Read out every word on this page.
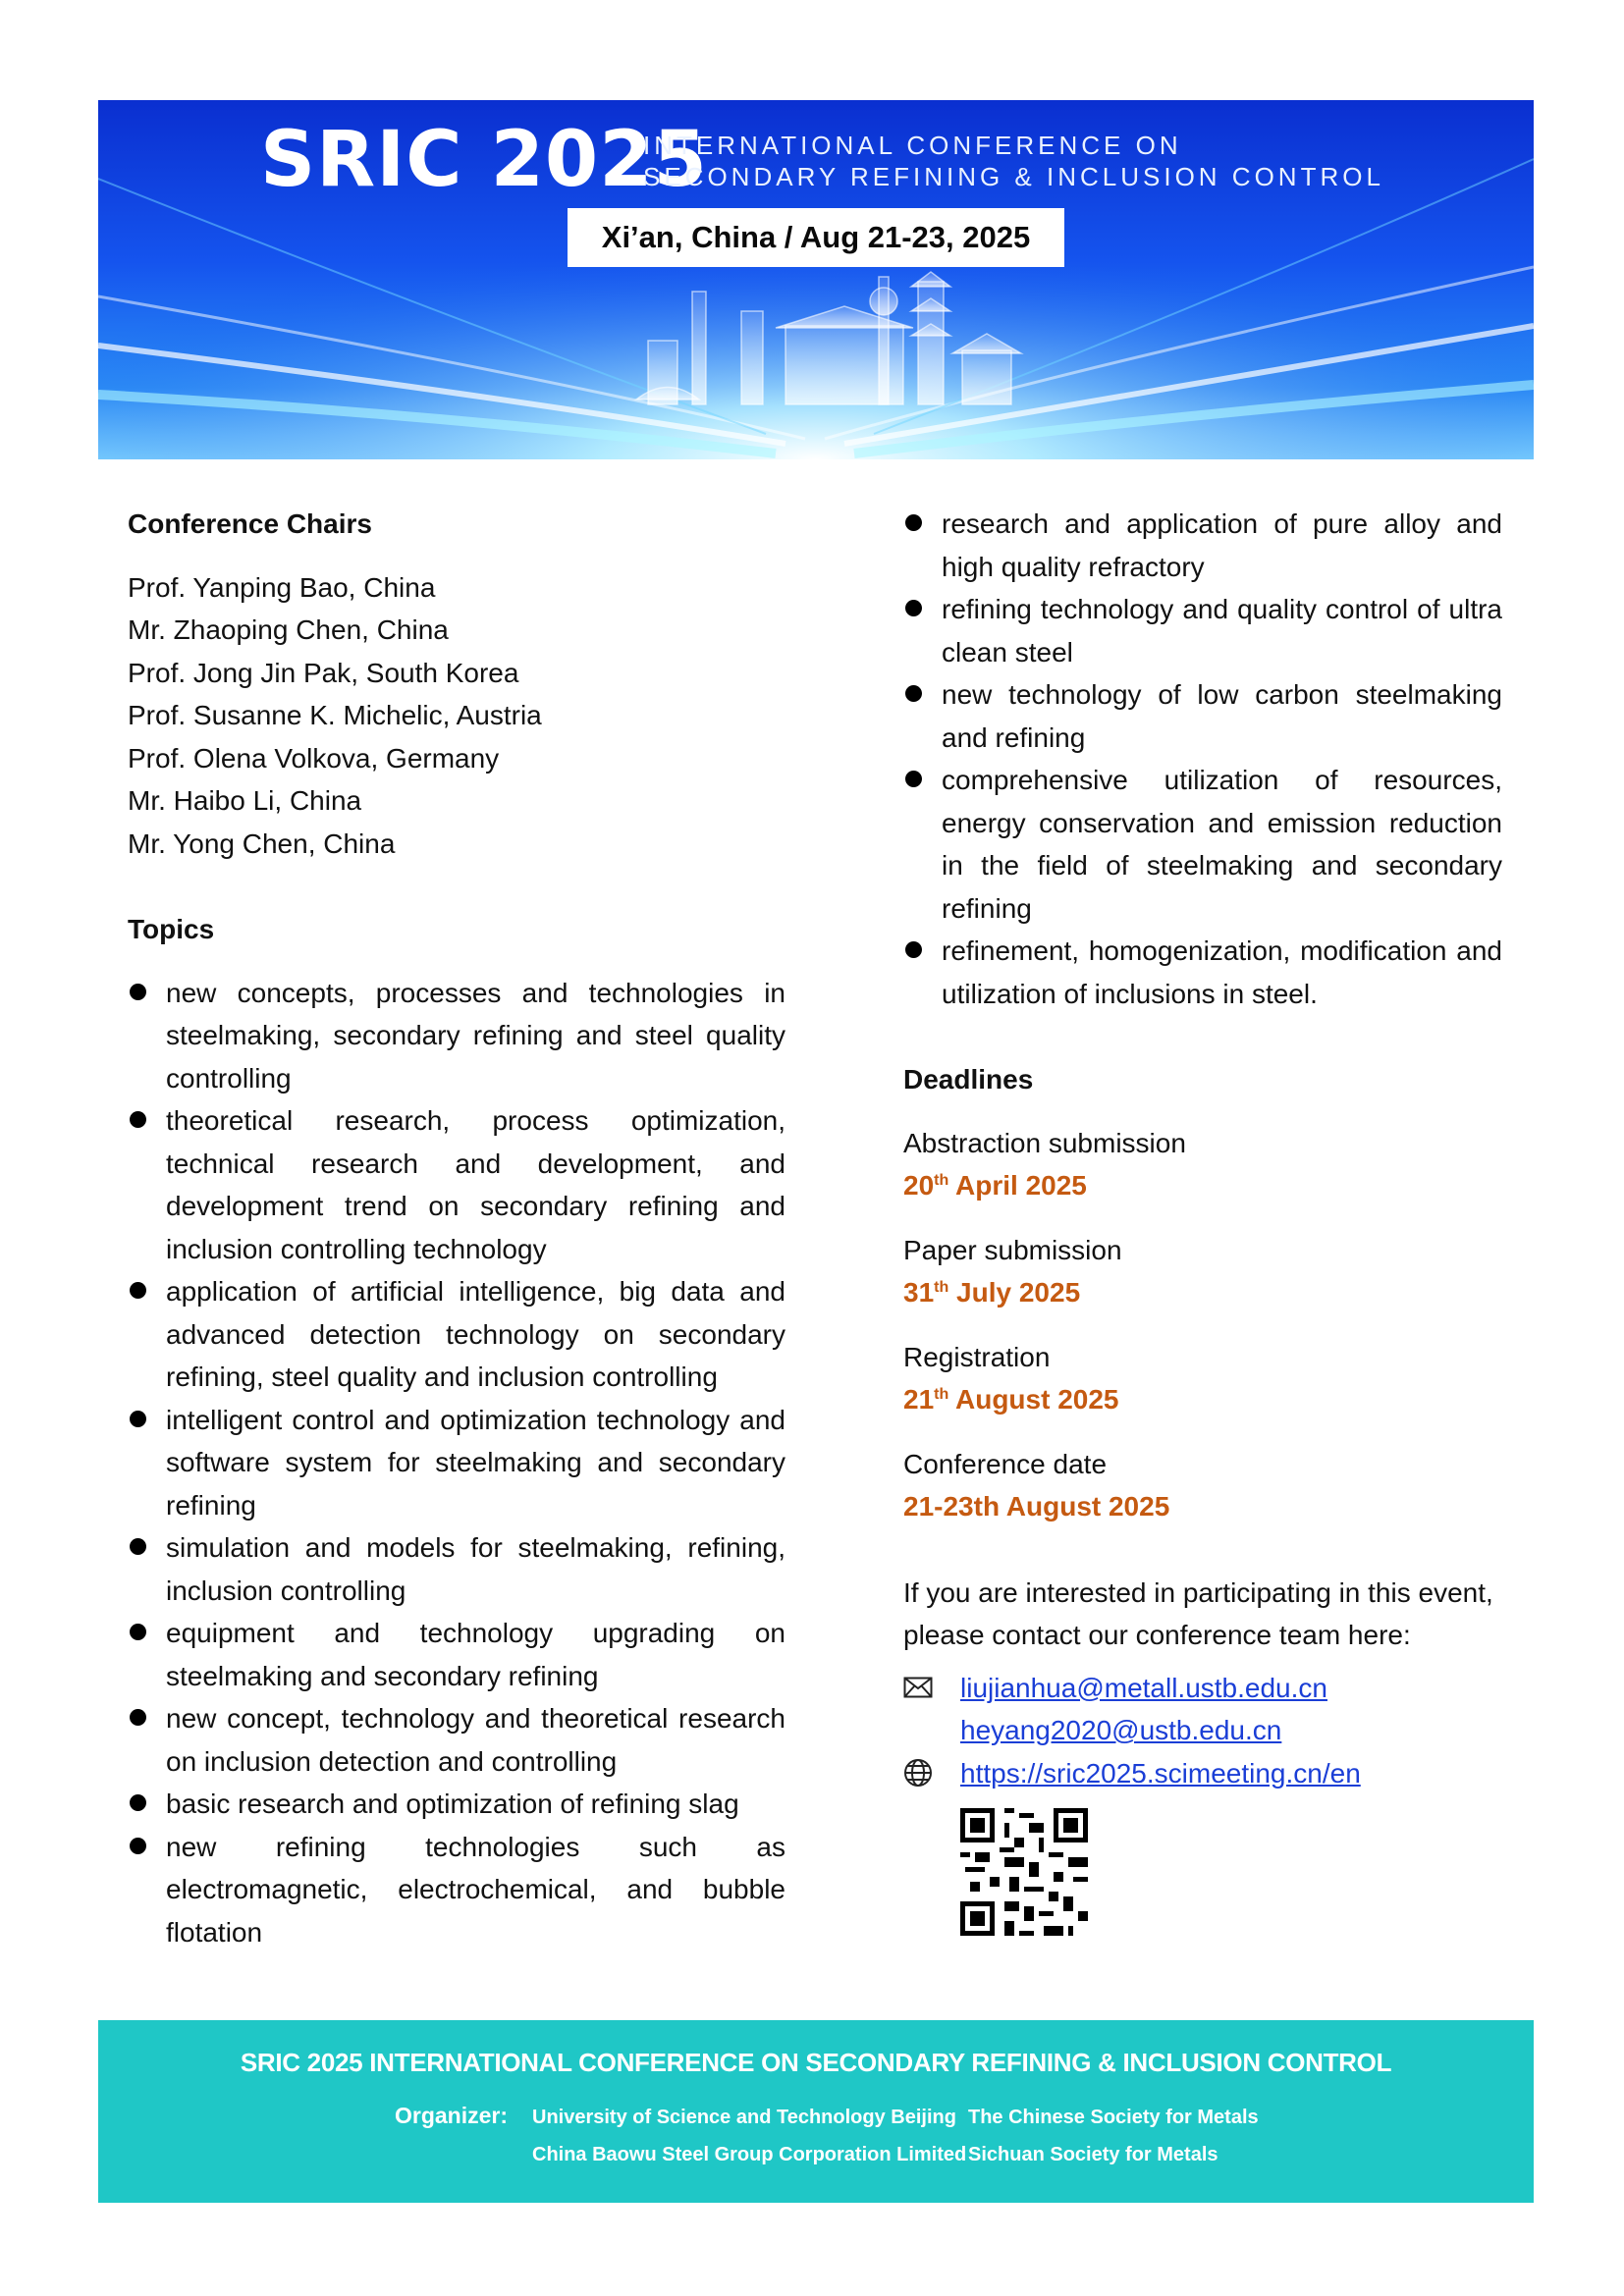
SRIC 2025
INTERNATIONAL CONFERENCE ON
SECONDARY REFINING & INCLUSION CONTROL
Xi’an, China / Aug 21-23, 2025
Conference Chairs
Prof. Yanping Bao, China
Mr. Zhaoping Chen, China
Prof. Jong Jin Pak, South Korea
Prof. Susanne K. Michelic, Austria
Prof. Olena Volkova, Germany
Mr. Haibo Li, China
Mr. Yong Chen, China
Topics
new concepts, processes and technologies in steelmaking, secondary refining and steel quality controlling
theoretical research, process optimization, technical research and development, and development trend on secondary refining and inclusion controlling technology
application of artificial intelligence, big data and advanced detection technology on secondary refining, steel quality and inclusion controlling
intelligent control and optimization technology and software system for steelmaking and secondary refining
simulation and models for steelmaking, refining, inclusion controlling
equipment and technology upgrading on steelmaking and secondary refining
new concept, technology and theoretical research on inclusion detection and controlling
basic research and optimization of refining slag
new refining technologies such as electromagnetic, electrochemical, and bubble flotation
research and application of pure alloy and high quality refractory
refining technology and quality control of ultra clean steel
new technology of low carbon steelmaking and refining
comprehensive utilization of resources, energy conservation and emission reduction in the field of steelmaking and secondary refining
refinement, homogenization, modification and utilization of inclusions in steel.
Deadlines
Abstraction submission
20th April 2025
Paper submission
31th July 2025
Registration
21th August 2025
Conference date
21-23th August 2025
If you are interested in participating in this event, please contact our conference team here:
liujianhua@metall.ustb.edu.cn
heyang2020@ustb.edu.cn
https://sric2025.scimeeting.cn/en
SRIC 2025 INTERNATIONAL CONFERENCE ON SECONDARY REFINING & INCLUSION CONTROL
Organizer: University of Science and Technology Beijing The Chinese Society for Metals
China Baowu Steel Group Corporation Limited Sichuan Society for Metals
